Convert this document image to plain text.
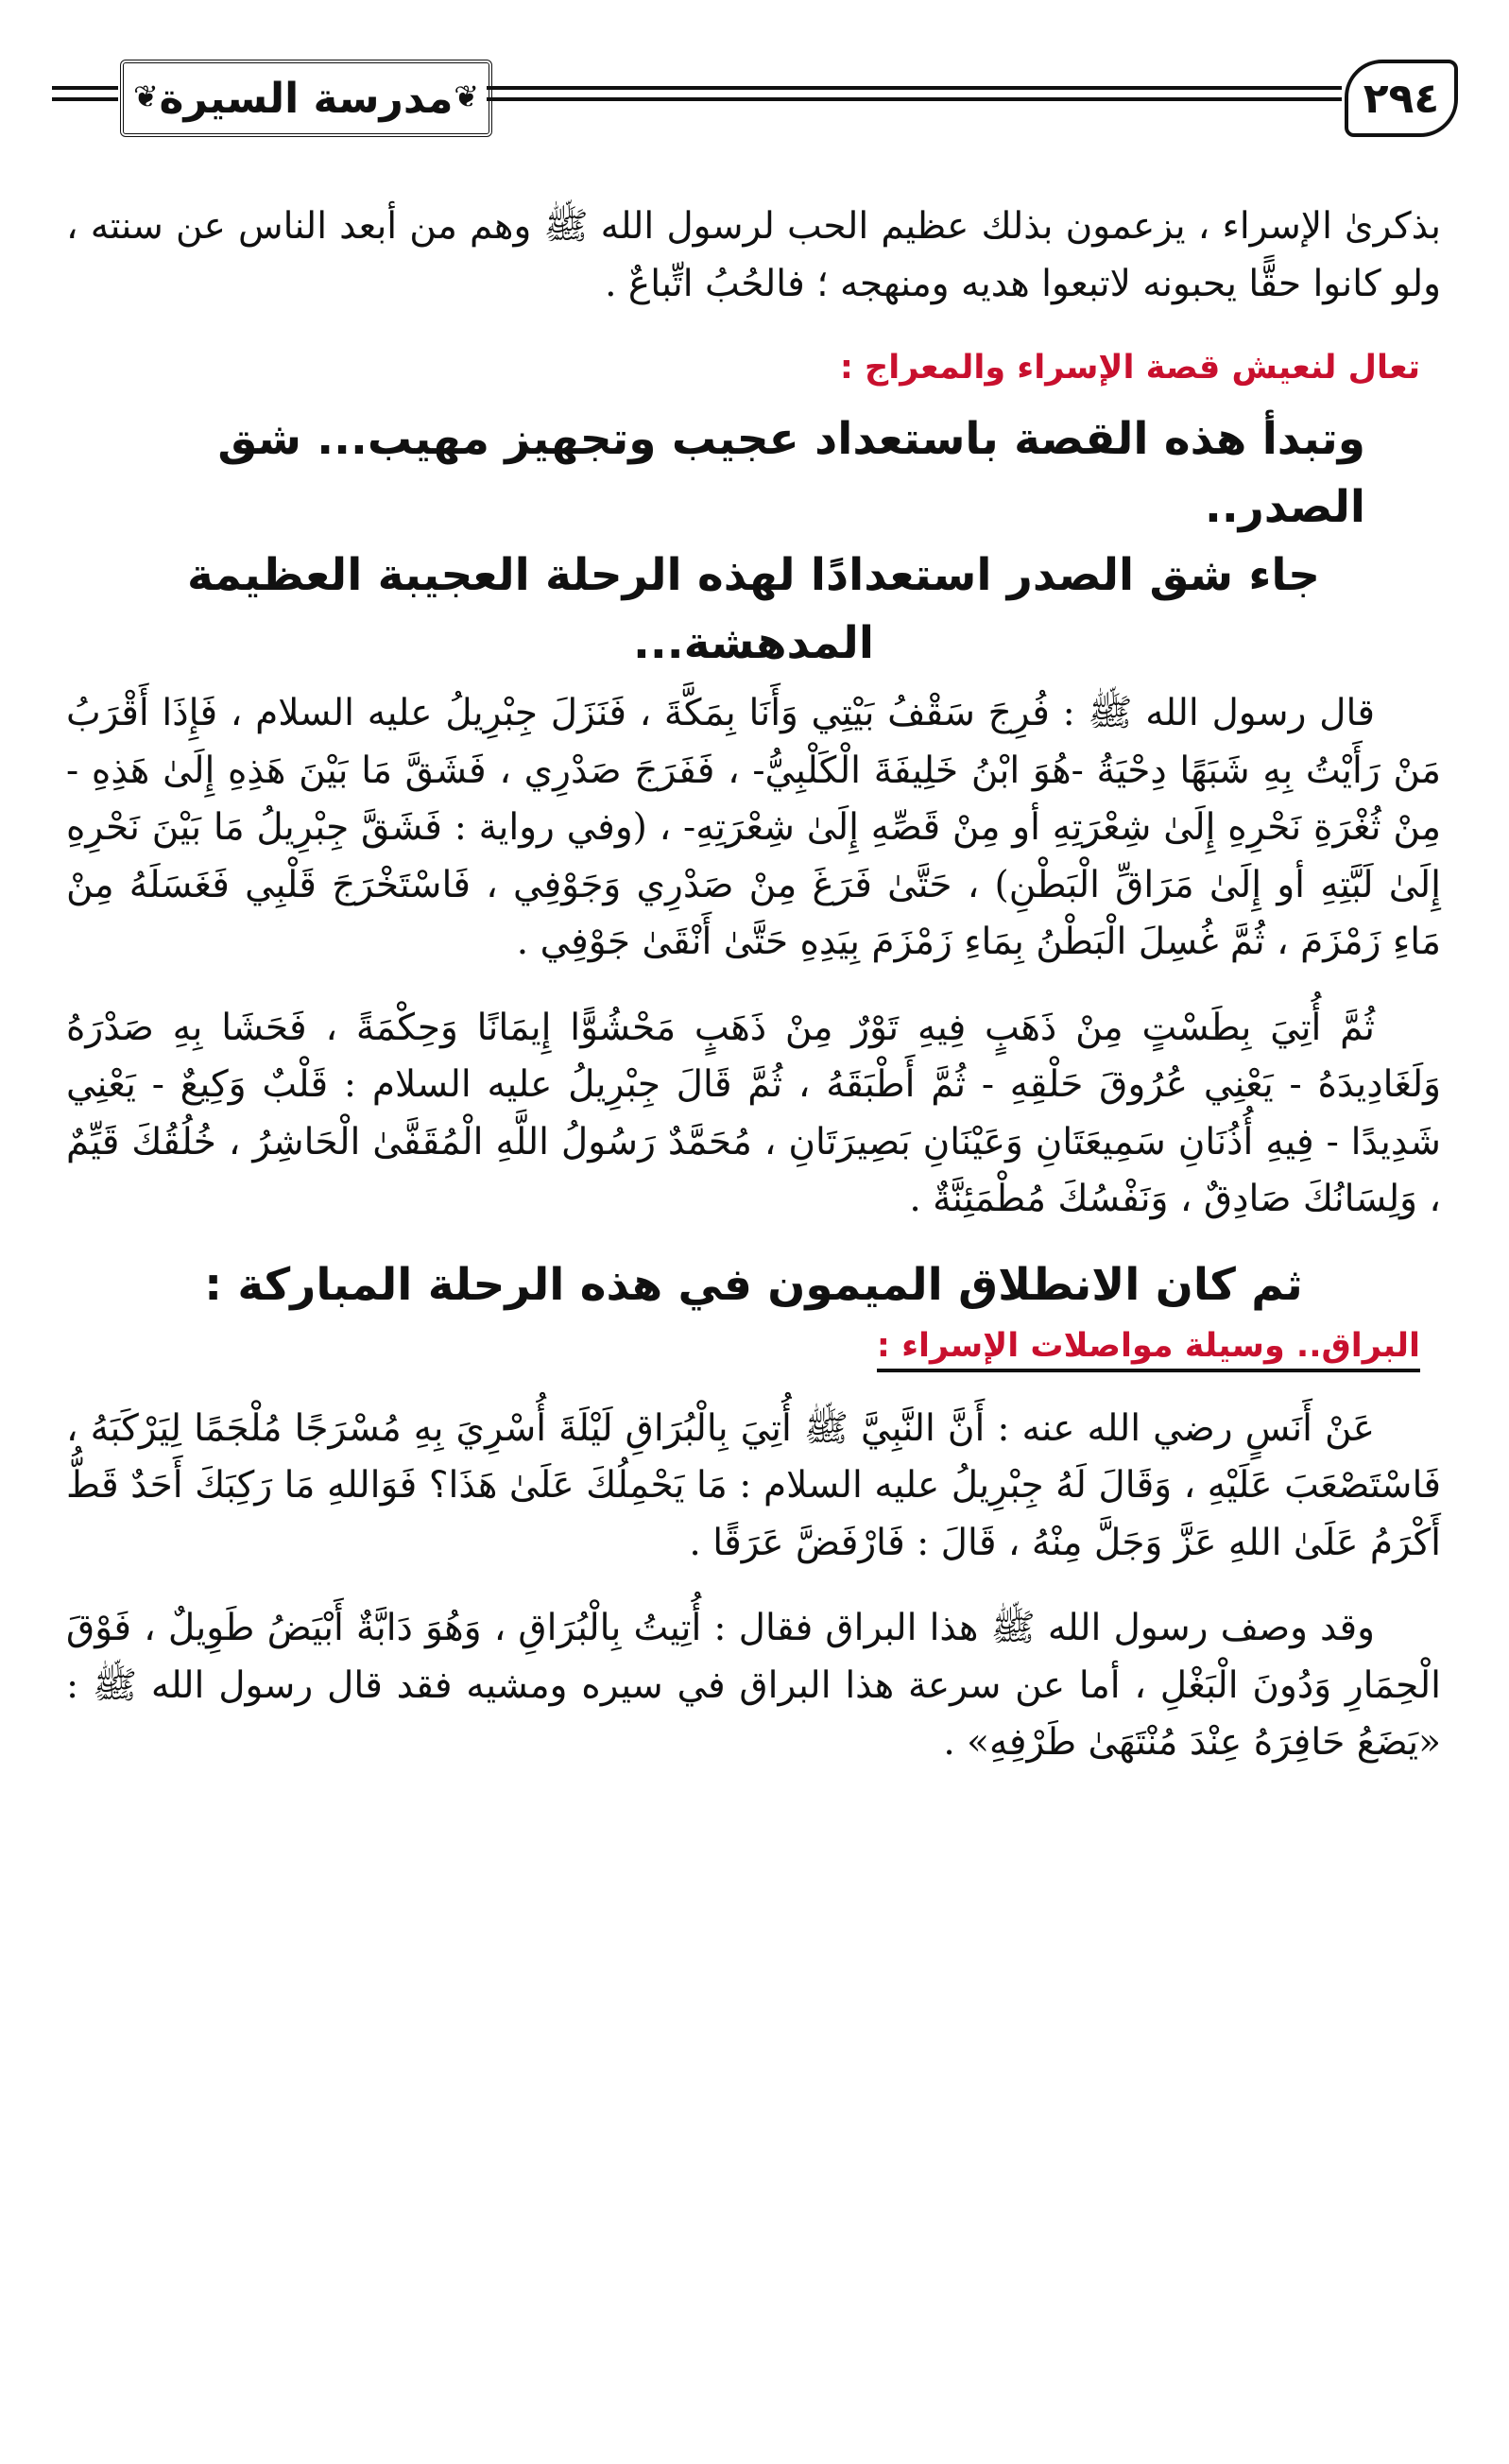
❦ مدرسة السيرة ❦	٢٩٤

بذكرىٰ الإسراء ، يزعمون بذلك عظيم الحب لرسول الله ﷺ وهم من أبعد الناس عن سنته ، ولو كانوا حقًّا يحبونه لاتبعوا هديه ومنهجه ؛ فالحُبُ اتِّباعٌ .

تعال لنعيش قصة الإسراء والمعراج :
وتبدأ هذه القصة باستعداد عجيب وتجهيز مهيب... شق الصدر..
جاء شق الصدر استعدادًا لهذه الرحلة العجيبة العظيمة المدهشة...

قال رسول الله ﷺ : فُرِجَ سَقْفُ بَيْتِي وَأَنَا بِمَكَّةَ ، فَنَزَلَ جِبْرِيلُ عليه السلام ، فَإِذَا أَقْرَبُ مَنْ رَأَيْتُ بِهِ شَبَهًا دِحْيَةُ -هُوَ ابْنُ خَلِيفَةَ الْكَلْبِيُّ- ، فَفَرَجَ صَدْرِي ، فَشَقَّ مَا بَيْنَ هَذِهِ إِلَىٰ هَذِهِ - مِنْ ثُغْرَةِ نَحْرِهِ إِلَىٰ شِعْرَتِهِ أو مِنْ قَصِّهِ إِلَىٰ شِعْرَتِهِ- ، (وفي رواية : فَشَقَّ جِبْرِيلُ مَا بَيْنَ نَحْرِهِ إِلَىٰ لَبَّتِهِ أو إِلَىٰ مَرَاقِّ الْبَطْنِ) ، حَتَّىٰ فَرَغَ مِنْ صَدْرِي وَجَوْفِي ، فَاسْتَخْرَجَ قَلْبِي فَغَسَلَهُ مِنْ مَاءِ زَمْزَمَ ، ثُمَّ غُسِلَ الْبَطْنُ بِمَاءِ زَمْزَمَ بِيَدِهِ حَتَّىٰ أَنْقَىٰ جَوْفِي .

ثُمَّ أُتِيَ بِطَسْتٍ مِنْ ذَهَبٍ فِيهِ تَوْرٌ مِنْ ذَهَبٍ مَحْشُوًّا إِيمَانًا وَحِكْمَةً ، فَحَشَا بِهِ صَدْرَهُ وَلَغَادِيدَهُ - يَعْنِي عُرُوقَ حَلْقِهِ - ثُمَّ أَطْبَقَهُ ، ثُمَّ قَالَ جِبْرِيلُ عليه السلام : قَلْبٌ وَكِيعٌ - يَعْنِي شَدِيدًا - فِيهِ أُذُنَانِ سَمِيعَتَانِ وَعَيْنَانِ بَصِيرَتَانِ ، مُحَمَّدٌ رَسُولُ اللَّهِ الْمُقَفَّىٰ الْحَاشِرُ ، خُلُقُكَ قَيِّمٌ ، وَلِسَانُكَ صَادِقٌ ، وَنَفْسُكَ مُطْمَئِنَّةٌ .

ثم كان الانطلاق الميمون في هذه الرحلة المباركة :
البراق.. وسيلة مواصلات الإسراء :

عَنْ أَنَسٍ رضي الله عنه : أَنَّ النَّبِيَّ ﷺ أُتِيَ بِالْبُرَاقِ لَيْلَةَ أُسْرِيَ بِهِ مُسْرَجًا مُلْجَمًا لِيَرْكَبَهُ ، فَاسْتَصْعَبَ عَلَيْهِ ، وَقَالَ لَهُ جِبْرِيلُ عليه السلام : مَا يَحْمِلُكَ عَلَىٰ هَذَا؟ فَوَاللهِ مَا رَكِبَكَ أَحَدٌ قَطُّ أَكْرَمُ عَلَىٰ اللهِ عَزَّ وَجَلَّ مِنْهُ ، قَالَ : فَارْفَضَّ عَرَقًا .

وقد وصف رسول الله ﷺ هذا البراق فقال : أُتِيتُ بِالْبُرَاقِ ، وَهُوَ دَابَّةٌ أَبْيَضُ طَوِيلٌ ، فَوْقَ الْحِمَارِ وَدُونَ الْبَغْلِ ، أما عن سرعة هذا البراق في سيره ومشيه فقد قال رسول الله ﷺ : «يَضَعُ حَافِرَهُ عِنْدَ مُنْتَهَىٰ طَرْفِهِ» .
